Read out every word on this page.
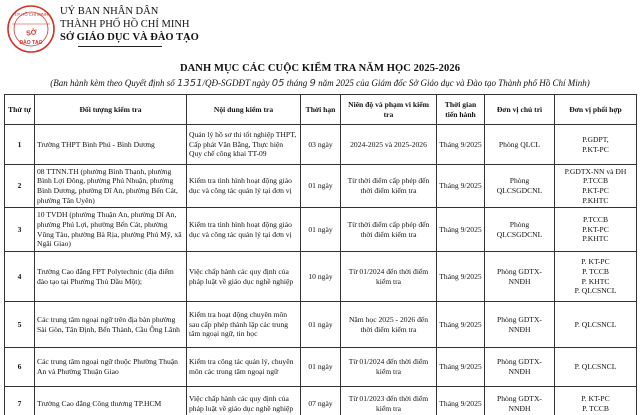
SỞ
ĐÀO TẠO
T.P HỒ CHÍ MINH UỶ BAN NHÂN DÂN
THÀNH PHỐ HỒ CHÍ MINH
SỞ GIÁO DỤC VÀ ĐÀO TẠO
DANH MỤC CÁC CUỘC KIỂM TRA NĂM HỌC 2025-2026
(Ban hành kèm theo Quyết định số 1351/QĐ-SGDĐT ngày 05 tháng 9 năm 2025 của Giám đốc Sở Giáo dục và Đào tạo Thành phố Hồ Chí Minh)
Thứ tự	Đối tượng kiểm tra	Nội dung kiểm tra	Thời hạn	Niên độ và phạm vi kiểm tra	Thời gian tiến hành	Đơn vị chủ trì	Đơn vị phối hợp
1	Trường THPT Bình Phú - Bình Dương	Quản lý hồ sơ thi tốt nghiệp THPT, Cấp phát Văn Bằng, Thực hiện Quy chế công khai TT-09	03 ngày	2024-2025 và 2025-2026	Tháng 9/2025	Phòng QLCL	P.GDPT,
P.KT-PC

2	08 TTNN.TH (phường Bình Thạnh, phường Bình Lợi Đông, phường Phú Nhuận, phường Bình Dương, phường Dĩ An, phường Bến Cát, phường Tân Uyên)	Kiểm tra tình hình hoạt động giáo dục và công tác quản lý tại đơn vị	01 ngày	Từ thời điểm cấp phép đến thời điểm kiểm tra	Tháng 9/2025	Phòng QLCSGDCNL	P.GDTX-NN và ĐH
P.TCCB
P.KT-PC
P.KHTC

3	10 TVDH (phường Thuận An, phường Dĩ An, phường Phú Lợi, phường Bến Cát, phường Vũng Tàu, phường Bà Rịa, phường Phú Mỹ, xã Ngãi Giao)	Kiểm tra tình hình hoạt động giáo dục và công tác quản lý tại đơn vị	01 ngày	Từ thời điểm cấp phép đến thời điểm kiểm tra	Tháng 9/2025	Phòng QLCSGDCNL	P.TCCB
P.KT-PC
P.KHTC

4	Trường Cao đẳng FPT Polytechnic (địa điểm đào tạo tại Phường Thủ Dầu Một);	Việc chấp hành các quy định của pháp luật về giáo dục nghề nghiệp	10 ngày	Từ 01/2024 đến thời điểm kiểm tra	Tháng 9/2025	Phòng GDTX-NNĐH	P. KT-PC
P. TCCB
P. KHTC
P. QLCSNCL

5	Các trung tâm ngoại ngữ trên địa bàn phường Sài Gòn, Tân Định, Bến Thành, Cầu Ông Lãnh	Kiểm tra hoạt động chuyên môn sau cấp phép thành lập các trung tâm ngoại ngữ, tin học	01 ngày	Năm học 2025 - 2026 đến thời điểm kiểm tra	Tháng 9/2025	Phòng GDTX-NNĐH	P. QLCSNCL

6	Các trung tâm ngoại ngữ thuộc Phường Thuận An và Phường Thuận Giao	Kiểm tra công tác quản lý, chuyên môn các trung tâm ngoại ngữ	01 ngày	Từ 01/2024 đến thời điểm kiểm tra	Tháng 9/2025	Phòng GDTX-NNĐH	P. QLCSNCL

7	Trường Cao đẳng Công thương TP.HCM	Việc chấp hành các quy định của pháp luật về giáo dục nghề nghiệp	07 ngày	Từ 01/2023 đến thời điểm kiểm tra	Tháng 9/2025	Phòng GDTX-NNĐH	P. KT-PC
P. TCCB
